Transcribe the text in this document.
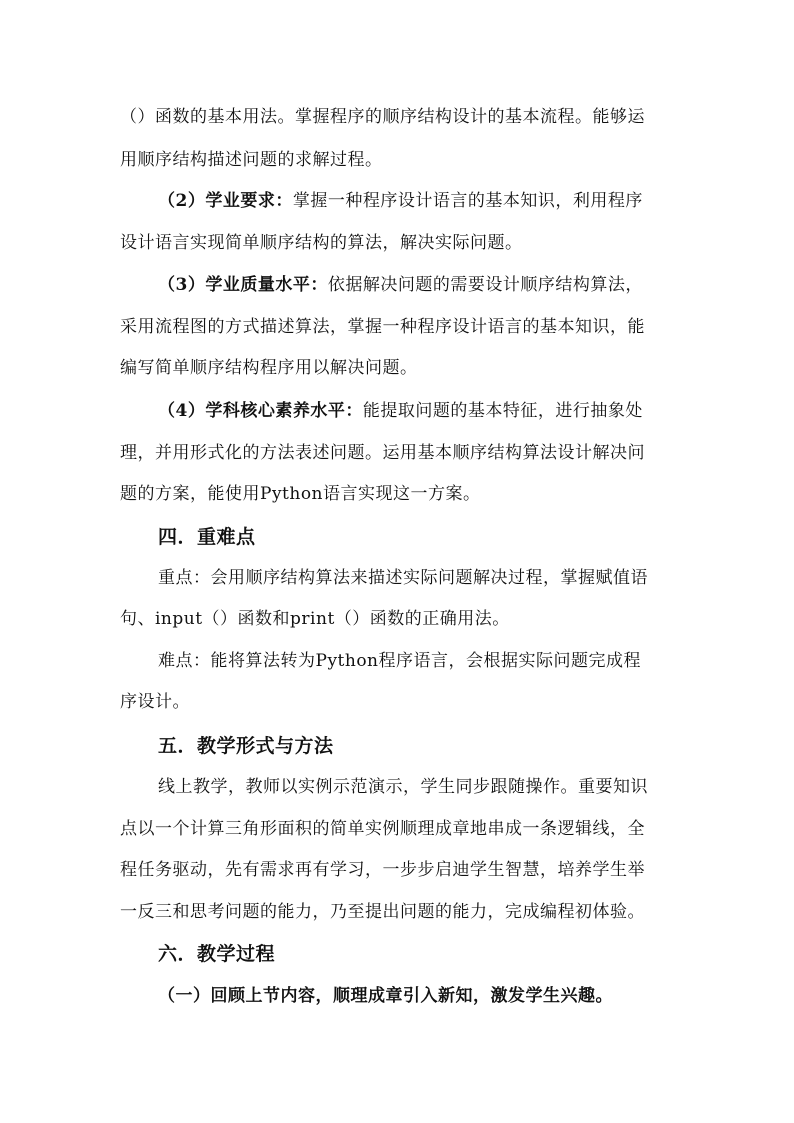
（）函数的基本用法。掌握程序的顺序结构设计的基本流程。能够运
用顺序结构描述问题的求解过程。
（2）学业要求：掌握一种程序设计语言的基本知识，利用程序
设计语言实现简单顺序结构的算法，解决实际问题。
（3）学业质量水平：依据解决问题的需要设计顺序结构算法，
采用流程图的方式描述算法，掌握一种程序设计语言的基本知识，能
编写简单顺序结构程序用以解决问题。
（4）学科核心素养水平：能提取问题的基本特征，进行抽象处
理，并用形式化的方法表述问题。运用基本顺序结构算法设计解决问
题的方案，能使用Python语言实现这一方案。
四．重难点
重点：会用顺序结构算法来描述实际问题解决过程，掌握赋值语
句、input（）函数和print（）函数的正确用法。
难点：能将算法转为Python程序语言，会根据实际问题完成程
序设计。
五．教学形式与方法
线上教学，教师以实例示范演示，学生同步跟随操作。重要知识
点以一个计算三角形面积的简单实例顺理成章地串成一条逻辑线，全
程任务驱动，先有需求再有学习，一步步启迪学生智慧，培养学生举
一反三和思考问题的能力，乃至提出问题的能力，完成编程初体验。
六．教学过程
（一）回顾上节内容，顺理成章引入新知，激发学生兴趣。
